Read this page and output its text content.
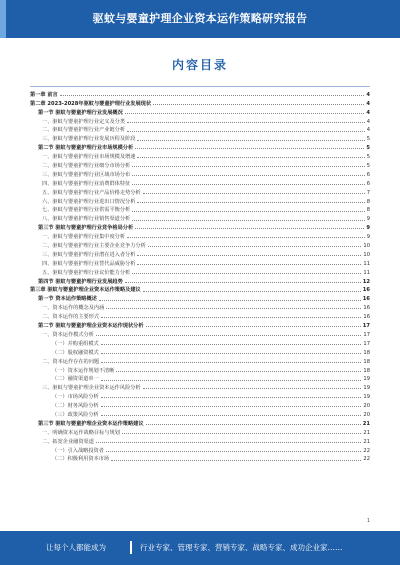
驱蚊与婴童护理企业资本运作策略研究报告
内容目录
第一章 前言	4
第二章 2023-2028年驱蚊与婴童护理行业发展现状	4
第一节 驱蚊与婴童护理行业发展概况	4
一、驱蚊与婴童护理行业定义及分类	4
二、驱蚊与婴童护理行业产业链分析	4
三、驱蚊与婴童护理行业发展历程及阶段	5
第二节 驱蚊与婴童护理行业市场规模分析	5
一、驱蚊与婴童护理行业市场规模及增速	5
二、驱蚊与婴童护理行业细分市场分析	5
三、驱蚊与婴童护理行业区域市场分布	6
四、驱蚊与婴童护理行业消费群体特征	6
五、驱蚊与婴童护理行业产品价格走势分析	7
六、驱蚊与婴童护理行业进出口情况分析	8
七、驱蚊与婴童护理行业供需平衡分析	8
八、驱蚊与婴童护理行业销售渠道分析	9
第三节 驱蚊与婴童护理行业竞争格局分析	9
一、驱蚊与婴童护理行业集中度分析	9
二、驱蚊与婴童护理行业主要企业竞争力分析	10
三、驱蚊与婴童护理行业潜在进入者分析	10
四、驱蚊与婴童护理行业替代品威胁分析	11
五、驱蚊与婴童护理行业议价能力分析	11
第四节 驱蚊与婴童护理行业发展趋势	12
第三章 驱蚊与婴童护理企业资本运作策略及建议	16
第一节 资本运作策略概述	16
一、资本运作的概念及内涵	16
二、资本运作的主要形式	16
第二节 驱蚊与婴童护理企业资本运作现状分析	17
一、资本运作模式分析	17
（一）并购重组模式	17
（二）股权融资模式	18
二、资本运作存在的问题	18
（一）资本运作规划不清晰	18
（二）融资渠道单一	19
三、驱蚊与婴童护理企业资本运作风险分析	19
（一）市场风险分析	19
（二）财务风险分析	20
（三）政策风险分析	20
第三节 驱蚊与婴童护理企业资本运作策略建议	21
一、明确资本运作战略目标与规划	21
二、拓宽企业融资渠道	21
（一）引入战略投资者	22
（二）积极利用资本市场	22
1
让每个人都能成为	行业专家、管理专家、营销专家、战略专家、成功企业家……
